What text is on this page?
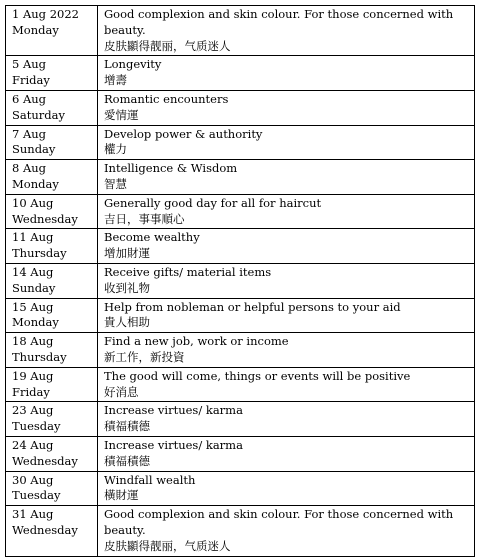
1 Aug 2022
Monday	Good complexion and skin colour. For those concerned with beauty.
皮肤顯得靓丽，气质迷人

5 Aug
Friday	Longevity
增壽

6 Aug
Saturday	Romantic encounters
愛情運

7 Aug
Sunday	Develop power & authority
權力

8 Aug
Monday	Intelligence & Wisdom
智慧

10 Aug
Wednesday	Generally good day for all for haircut
吉日，事事順心

11 Aug
Thursday	Become wealthy
增加財運

14 Aug
Sunday	Receive gifts/ material items
收到礼物

15 Aug
Monday	Help from nobleman or helpful persons to your aid
貴人相助

18 Aug
Thursday	Find a new job, work or income
新工作，新投資

19 Aug
Friday	The good will come, things or events will be positive
好消息

23 Aug
Tuesday	Increase virtues/ karma
積福積德

24 Aug
Wednesday	Increase virtues/ karma
積福積德

30 Aug
Tuesday	Windfall wealth
橫財運

31 Aug
Wednesday	Good complexion and skin colour. For those concerned with beauty.
皮肤顯得靓丽，气质迷人
